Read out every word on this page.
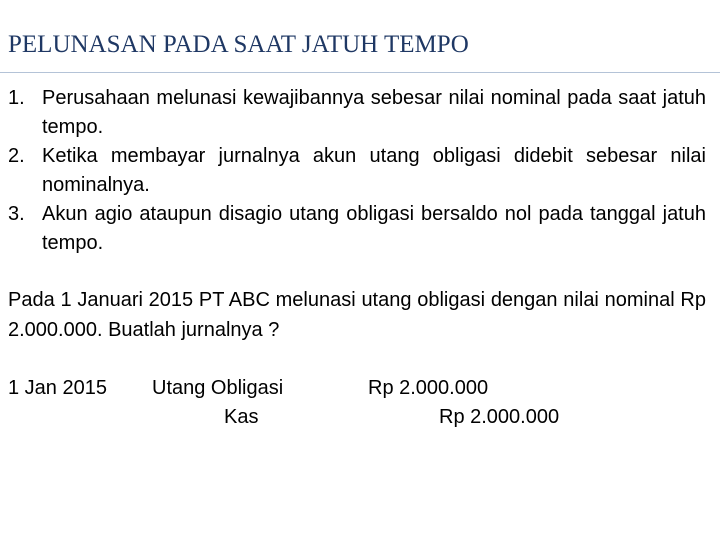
PELUNASAN PADA SAAT JATUH TEMPO
1. Perusahaan melunasi kewajibannya sebesar nilai nominal pada saat jatuh tempo.
2. Ketika membayar jurnalnya akun utang obligasi didebit sebesar nilai nominalnya.
3. Akun agio ataupun disagio utang obligasi bersaldo nol pada tanggal jatuh tempo.

Pada 1 Januari 2015 PT ABC melunasi utang obligasi dengan nilai nominal Rp 2.000.000. Buatlah jurnalnya ?

1 Jan 2015 Utang Obligasi	Rp 2.000.000
Kas	Rp 2.000.000
